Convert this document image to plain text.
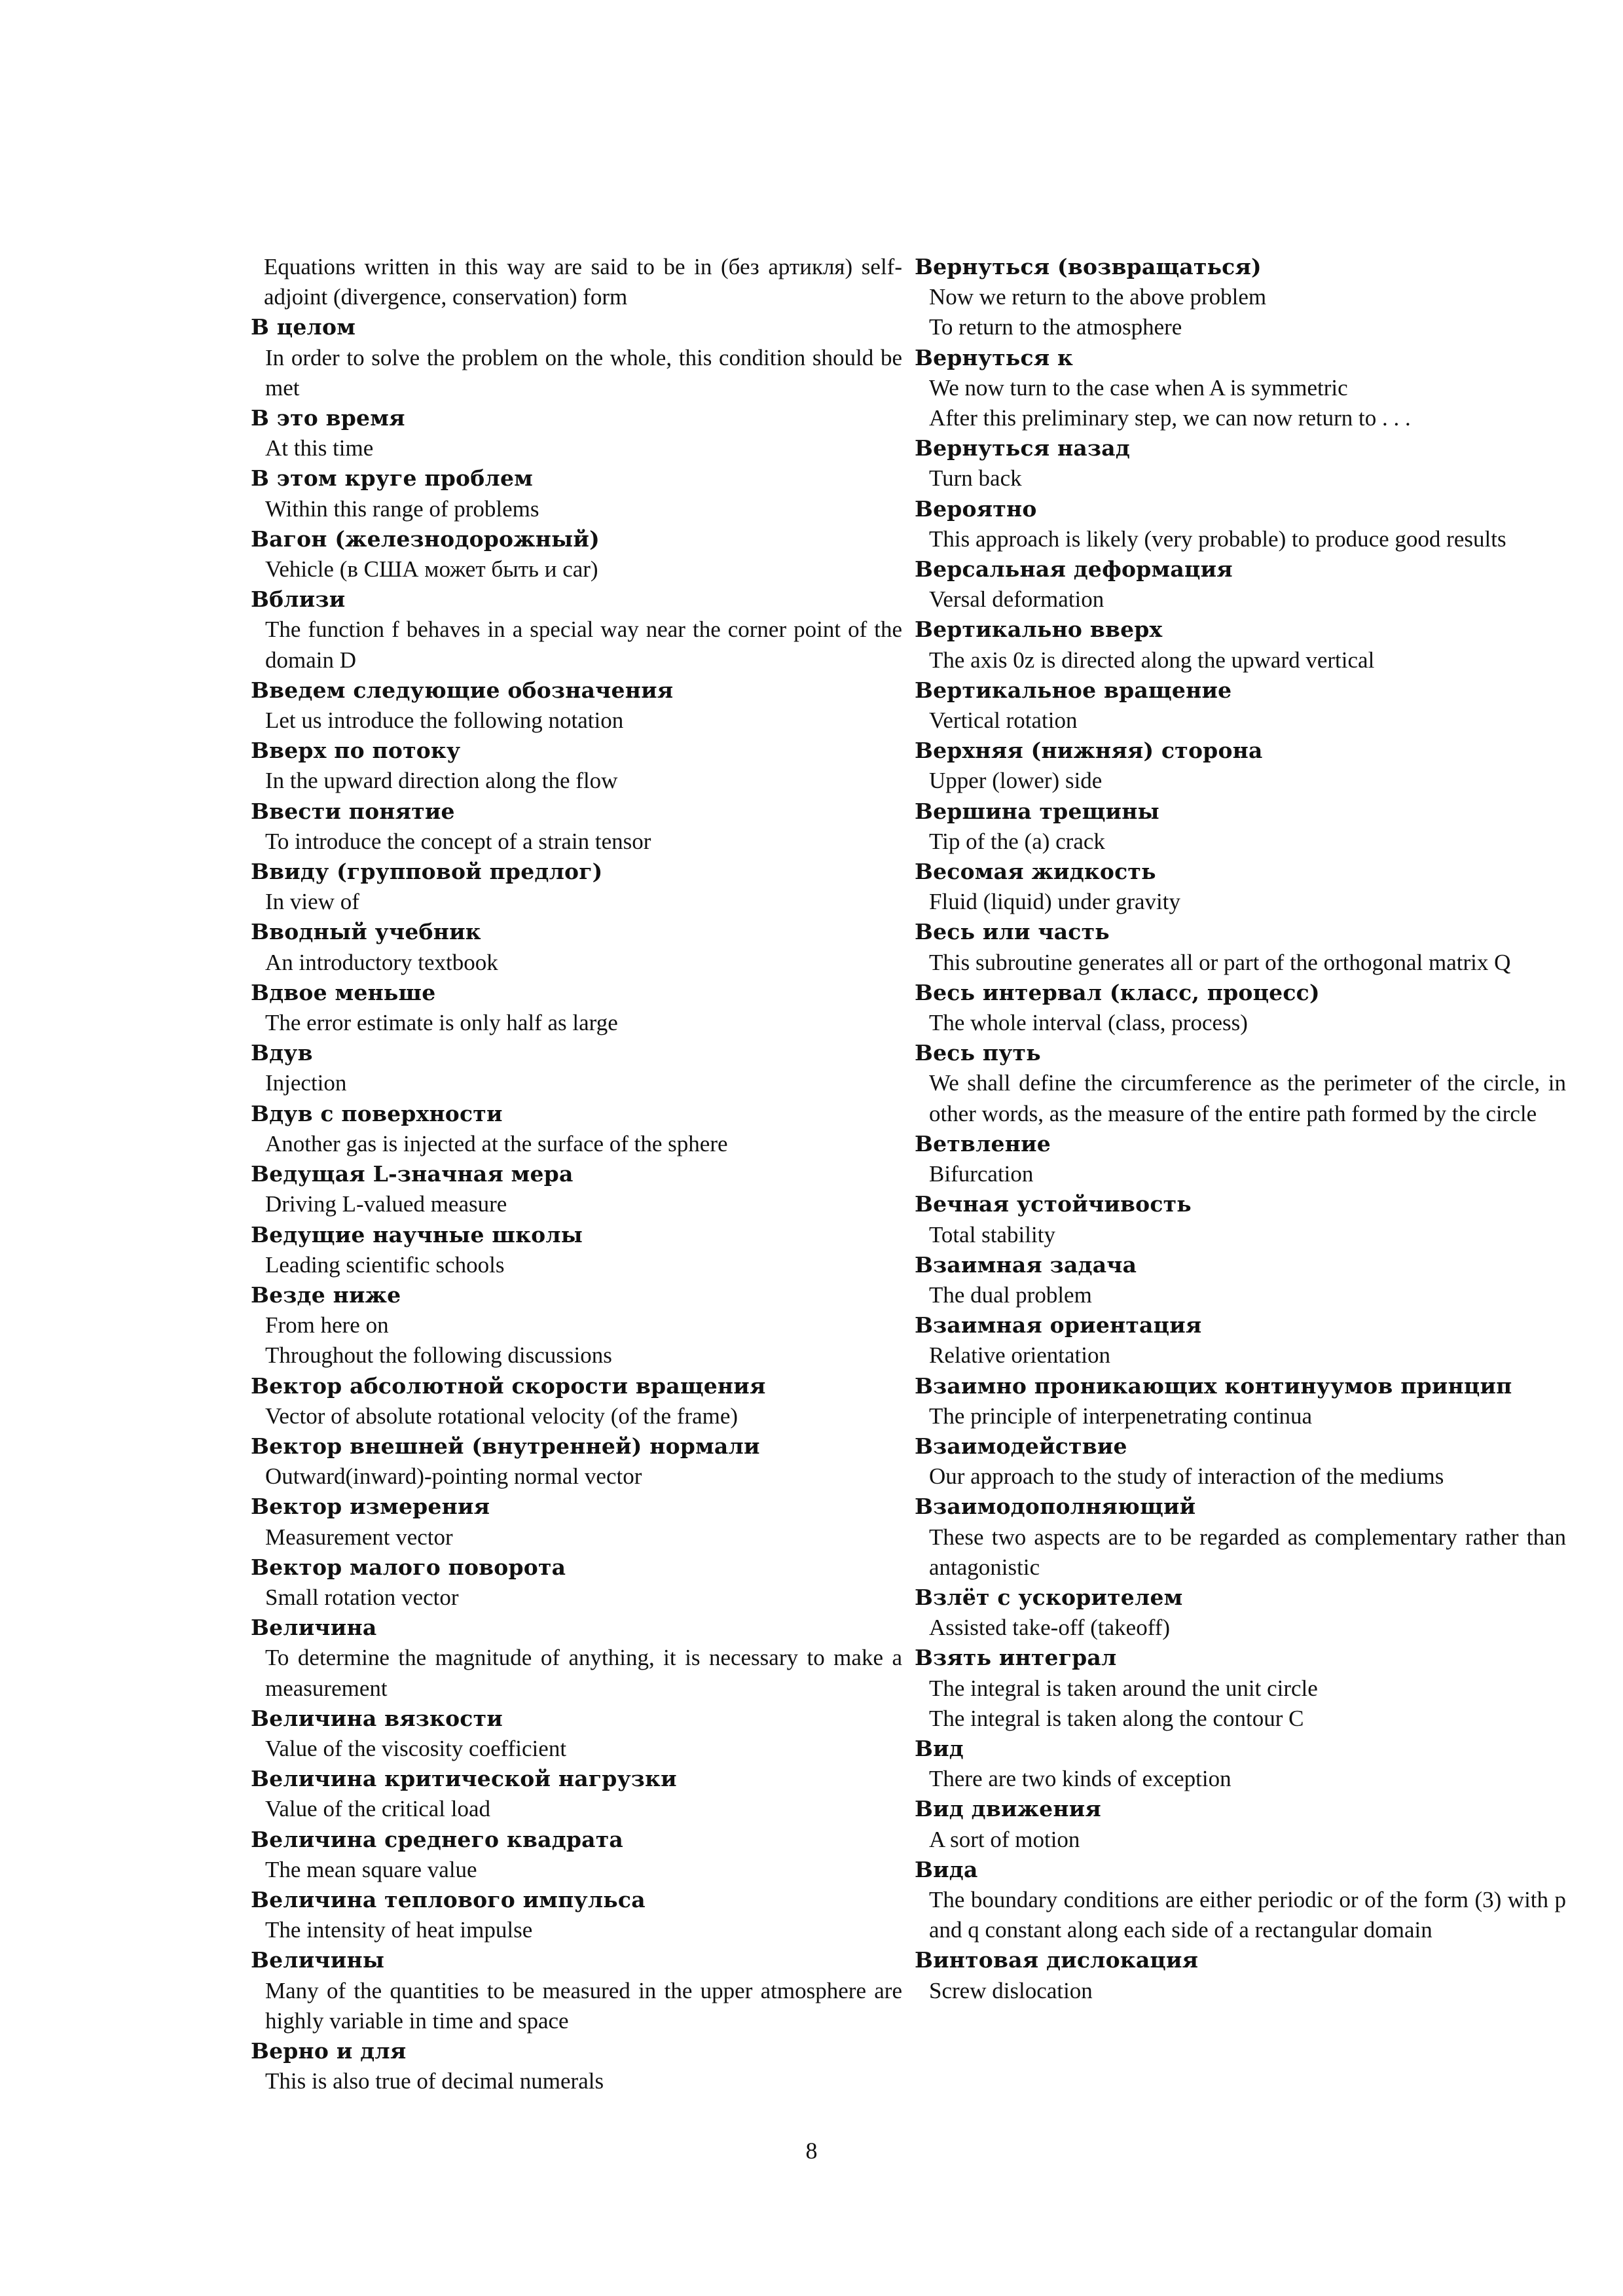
Equations written in this way are said to be in (без артикля) self-adjoint (divergence, conservation) form
В целом
In order to solve the problem on the whole, this condition should be met
В это время
At this time
В этом круге проблем
Within this range of problems
Вагон (железнодорожный)
Vehicle (в США может быть и car)
Вблизи
The function f behaves in a special way near the corner point of the domain D
Введем следующие обозначения
Let us introduce the following notation
Вверх по потоку
In the upward direction along the flow
Ввести понятие
To introduce the concept of a strain tensor
Ввиду (групповой предлог)
In view of
Вводный учебник
An introductory textbook
Вдвое меньше
The error estimate is only half as large
Вдув
Injection
Вдув с поверхности
Another gas is injected at the surface of the sphere
Ведущая L-значная мера
Driving L-valued measure
Ведущие научные школы
Leading scientific schools
Везде ниже
From here on
Throughout the following discussions
Вектор абсолютной скорости вращения
Vector of absolute rotational velocity (of the frame)
Вектор внешней (внутренней) нормали
Outward(inward)-pointing normal vector
Вектор измерения
Measurement vector
Вектор малого поворота
Small rotation vector
Величина
To determine the magnitude of anything, it is necessary to make a measurement
Величина вязкости
Value of the viscosity coefficient
Величина критической нагрузки
Value of the critical load
Величина среднего квадрата
The mean square value
Величина теплового импульса
The intensity of heat impulse
Величины
Many of the quantities to be measured in the upper atmosphere are highly variable in time and space
Верно и для
This is also true of decimal numerals
Вернуться (возвращаться)
Now we return to the above problem
To return to the atmosphere
Вернуться к
We now turn to the case when A is symmetric
After this preliminary step, we can now return to . . .
Вернуться назад
Turn back
Вероятно
This approach is likely (very probable) to produce good results
Версальная деформация
Versal deformation
Вертикально вверх
The axis 0z is directed along the upward vertical
Вертикальное вращение
Vertical rotation
Верхняя (нижняя) сторона
Upper (lower) side
Вершина трещины
Tip of the (a) crack
Весомая жидкость
Fluid (liquid) under gravity
Весь или часть
This subroutine generates all or part of the orthogonal matrix Q
Весь интервал (класс, процесс)
The whole interval (class, process)
Весь путь
We shall define the circumference as the perimeter of the circle, in other words, as the measure of the entire path formed by the circle
Ветвление
Bifurcation
Вечная устойчивость
Total stability
Взаимная задача
The dual problem
Взаимная ориентация
Relative orientation
Взаимно проникающих континуумов принцип
The principle of interpenetrating continua
Взаимодействие
Our approach to the study of interaction of the mediums
Взаимодополняющий
These two aspects are to be regarded as complementary rather than antagonistic
Взлёт с ускорителем
Assisted take-off (takeoff)
Взять интеграл
The integral is taken around the unit circle
The integral is taken along the contour C
Вид
There are two kinds of exception
Вид движения
A sort of motion
Вида
The boundary conditions are either periodic or of the form (3) with p and q constant along each side of a rectangular domain
Винтовая дислокация
Screw dislocation
8
